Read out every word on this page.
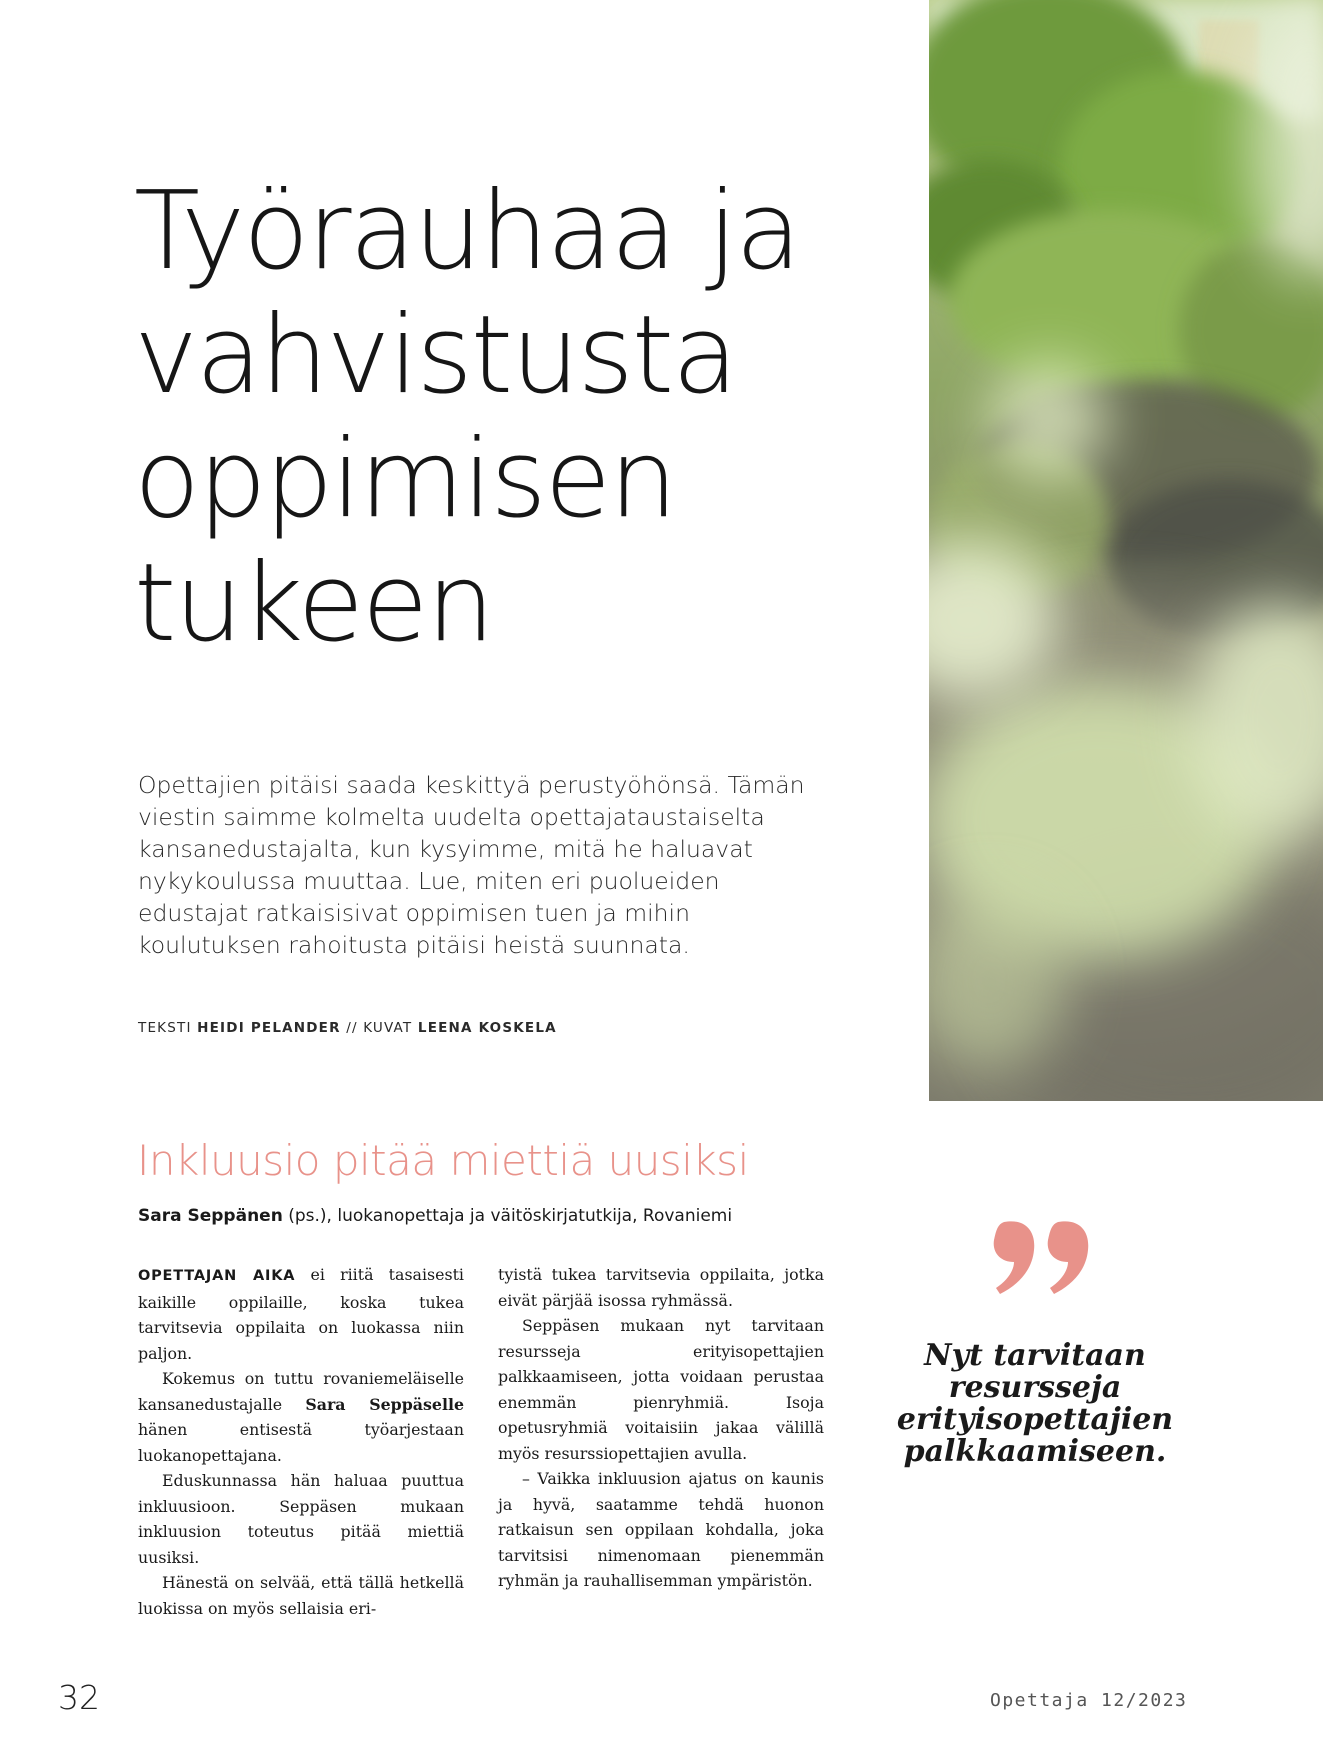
Työrauhaa ja
vahvistusta
oppimisen
tukeen

Opettajien pitäisi saada keskittyä perustyöhönsä. Tämän viestin saimme kolmelta uudelta opettajataustaiselta kansanedustajalta, kun kysyimme, mitä he haluavat nykykoulussa muuttaa. Lue, miten eri puolueiden edustajat ratkaisisivat oppimisen tuen ja mihin koulutuksen rahoitusta pitäisi heistä suunnata.

TEKSTI HEIDI PELANDER // KUVAT LEENA KOSKELA
Inkluusio pitää miettiä uusiksi
Sara Seppänen (ps.), luokanopettaja ja väitöskirjatutkija, Rovaniemi

OPETTAJAN AIKA ei riitä tasaisesti kaikille oppilaille, koska tukea tarvitsevia oppilaita on luokassa niin paljon.

Kokemus on tuttu rovaniemeläiselle kansanedustajalle Sara Seppäselle hänen entisestä työarjestaan luokanopettajana.

Eduskunnassa hän haluaa puuttua inkluusioon. Seppäsen mukaan inkluusion toteutus pitää miettiä uusiksi.

Hänestä on selvää, että tällä hetkellä luokissa on myös sellaisia eri-

tyistä tukea tarvitsevia oppilaita, jotka eivät pärjää isossa ryhmässä.

Seppäsen mukaan nyt tarvitaan resursseja erityisopettajien palkkaamiseen, jotta voidaan perustaa enemmän pienryhmiä. Isoja opetusryhmiä voitaisiin jakaa välillä myös resurssiopettajien avulla.

– Vaikka inkluusion ajatus on kaunis ja hyvä, saatamme tehdä huonon ratkaisun sen oppilaan kohdalla, joka tarvitsisi nimenomaan pienemmän ryhmän ja rauhallisemman ympäristön.

Nyt tarvitaan resursseja erityisopettajien palkkaamiseen.

32	Opettaja 12/2023
